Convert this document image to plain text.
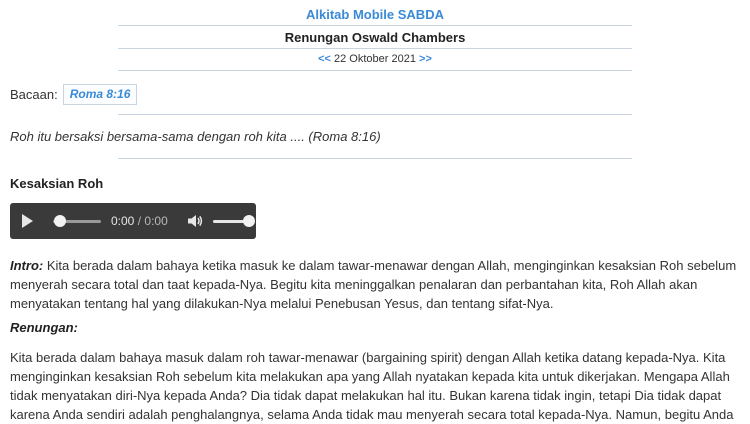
Alkitab Mobile SABDA
Renungan Oswald Chambers
<< 22 Oktober 2021 >>
Bacaan:	Roma 8:16
Roh itu bersaksi bersama-sama dengan roh kita .... (Roma 8:16)
Kesaksian Roh
0:00 / 0:00
Intro: Kita berada dalam bahaya ketika masuk ke dalam tawar-menawar dengan Allah, menginginkan kesaksian Roh sebelum menyerah secara total dan taat kepada-Nya. Begitu kita meninggalkan penalaran dan perbantahan kita, Roh Allah akan menyatakan tentang hal yang dilakukan-Nya melalui Penebusan Yesus, dan tentang sifat-Nya.
Renungan:
Kita berada dalam bahaya masuk dalam roh tawar-menawar (bargaining spirit) dengan Allah ketika datang kepada-Nya. Kita menginginkan kesaksian Roh sebelum kita melakukan apa yang Allah nyatakan kepada kita untuk dikerjakan. Mengapa Allah tidak menyatakan diri-Nya kepada Anda? Dia tidak dapat melakukan hal itu. Bukan karena tidak ingin, tetapi Dia tidak dapat karena Anda sendiri adalah penghalangnya, selama Anda tidak mau menyerah secara total kepada-Nya. Namun, begitu Anda
